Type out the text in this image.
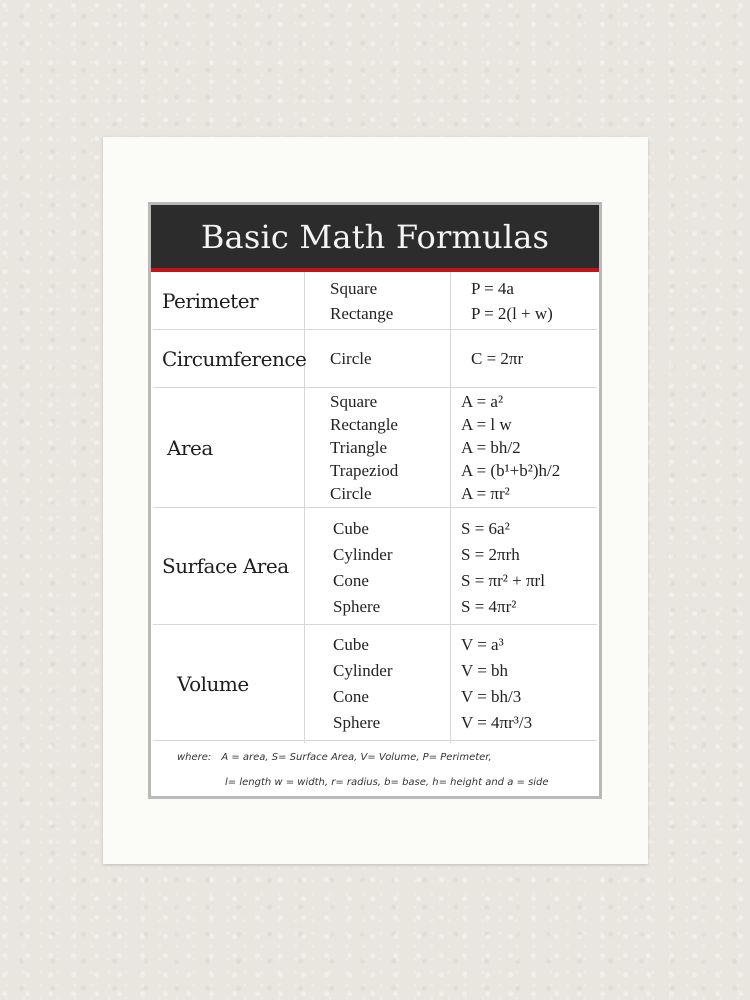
Basic Math Formulas
Perimeter
Square
Rectange
P = 4a
P = 2(l + w)
Circumference Circle	C = 2πr
Area
Square
Rectangle
Triangle
Trapeziod
Circle
A = a²
A = l w
A = bh/2
A = (b¹+b²)h/2
A = πr²
Surface Area
Cube
Cylinder
Cone
Sphere
S = 6a²
S = 2πrh
S = πr² + πrl
S = 4πr²
Volume
Cube
Cylinder
Cone
Sphere
V = a³
V = bh
V = bh/3
V = 4πr³/3
where: A = area, S= Surface Area, V= Volume, P= Perimeter,
l= length w = width, r= radius, b= base, h= height and a = side
